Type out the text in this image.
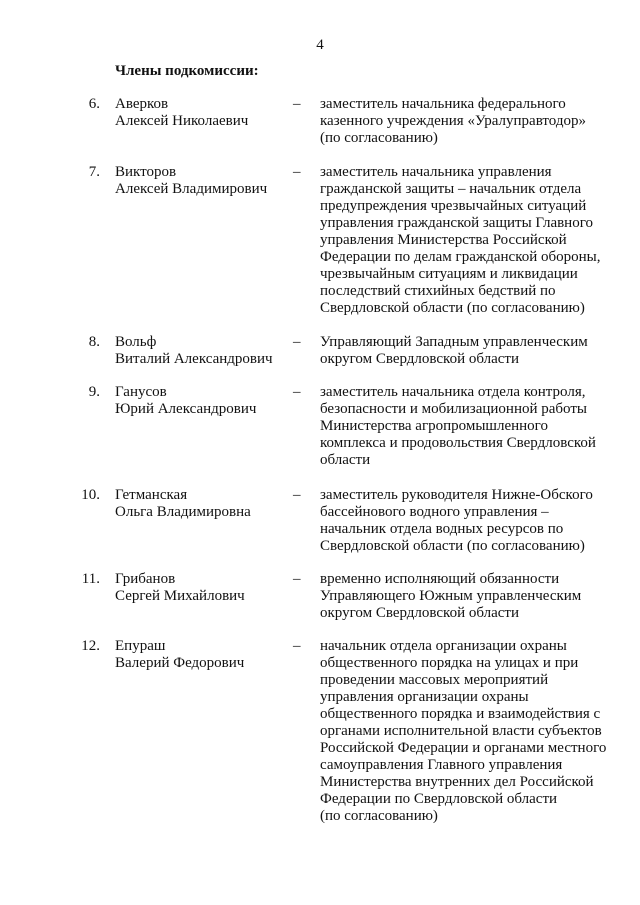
4
Члены подкомиссии:
6. Аверков
Алексей Николаевич
– заместитель начальника федерального
казенного учреждения «Уралуправтодор»
(по согласованию)
7. Викторов
Алексей Владимирович
– заместитель начальника управления
гражданской защиты – начальник отдела
предупреждения чрезвычайных ситуаций
управления гражданской защиты Главного
управления Министерства Российской
Федерации по делам гражданской обороны,
чрезвычайным ситуациям и ликвидации
последствий стихийных бедствий по
Свердловской области (по согласованию)
8. Вольф
Виталий Александрович
– Управляющий Западным управленческим
округом Свердловской области
9. Ганусов
Юрий Александрович
– заместитель начальника отдела контроля,
безопасности и мобилизационной работы
Министерства агропромышленного
комплекса и продовольствия Свердловской
области
10. Гетманская
Ольга Владимировна
– заместитель руководителя Нижне-Обского
бассейнового водного управления –
начальник отдела водных ресурсов по
Свердловской области (по согласованию)
11. Грибанов
Сергей Михайлович
– временно исполняющий обязанности
Управляющего Южным управленческим
округом Свердловской области
12. Епураш
Валерий Федорович
– начальник отдела организации охраны
общественного порядка на улицах и при
проведении массовых мероприятий
управления организации охраны
общественного порядка и взаимодействия с
органами исполнительной власти субъектов
Российской Федерации и органами местного
самоуправления Главного управления
Министерства внутренних дел Российской
Федерации по Свердловской области
(по согласованию)
